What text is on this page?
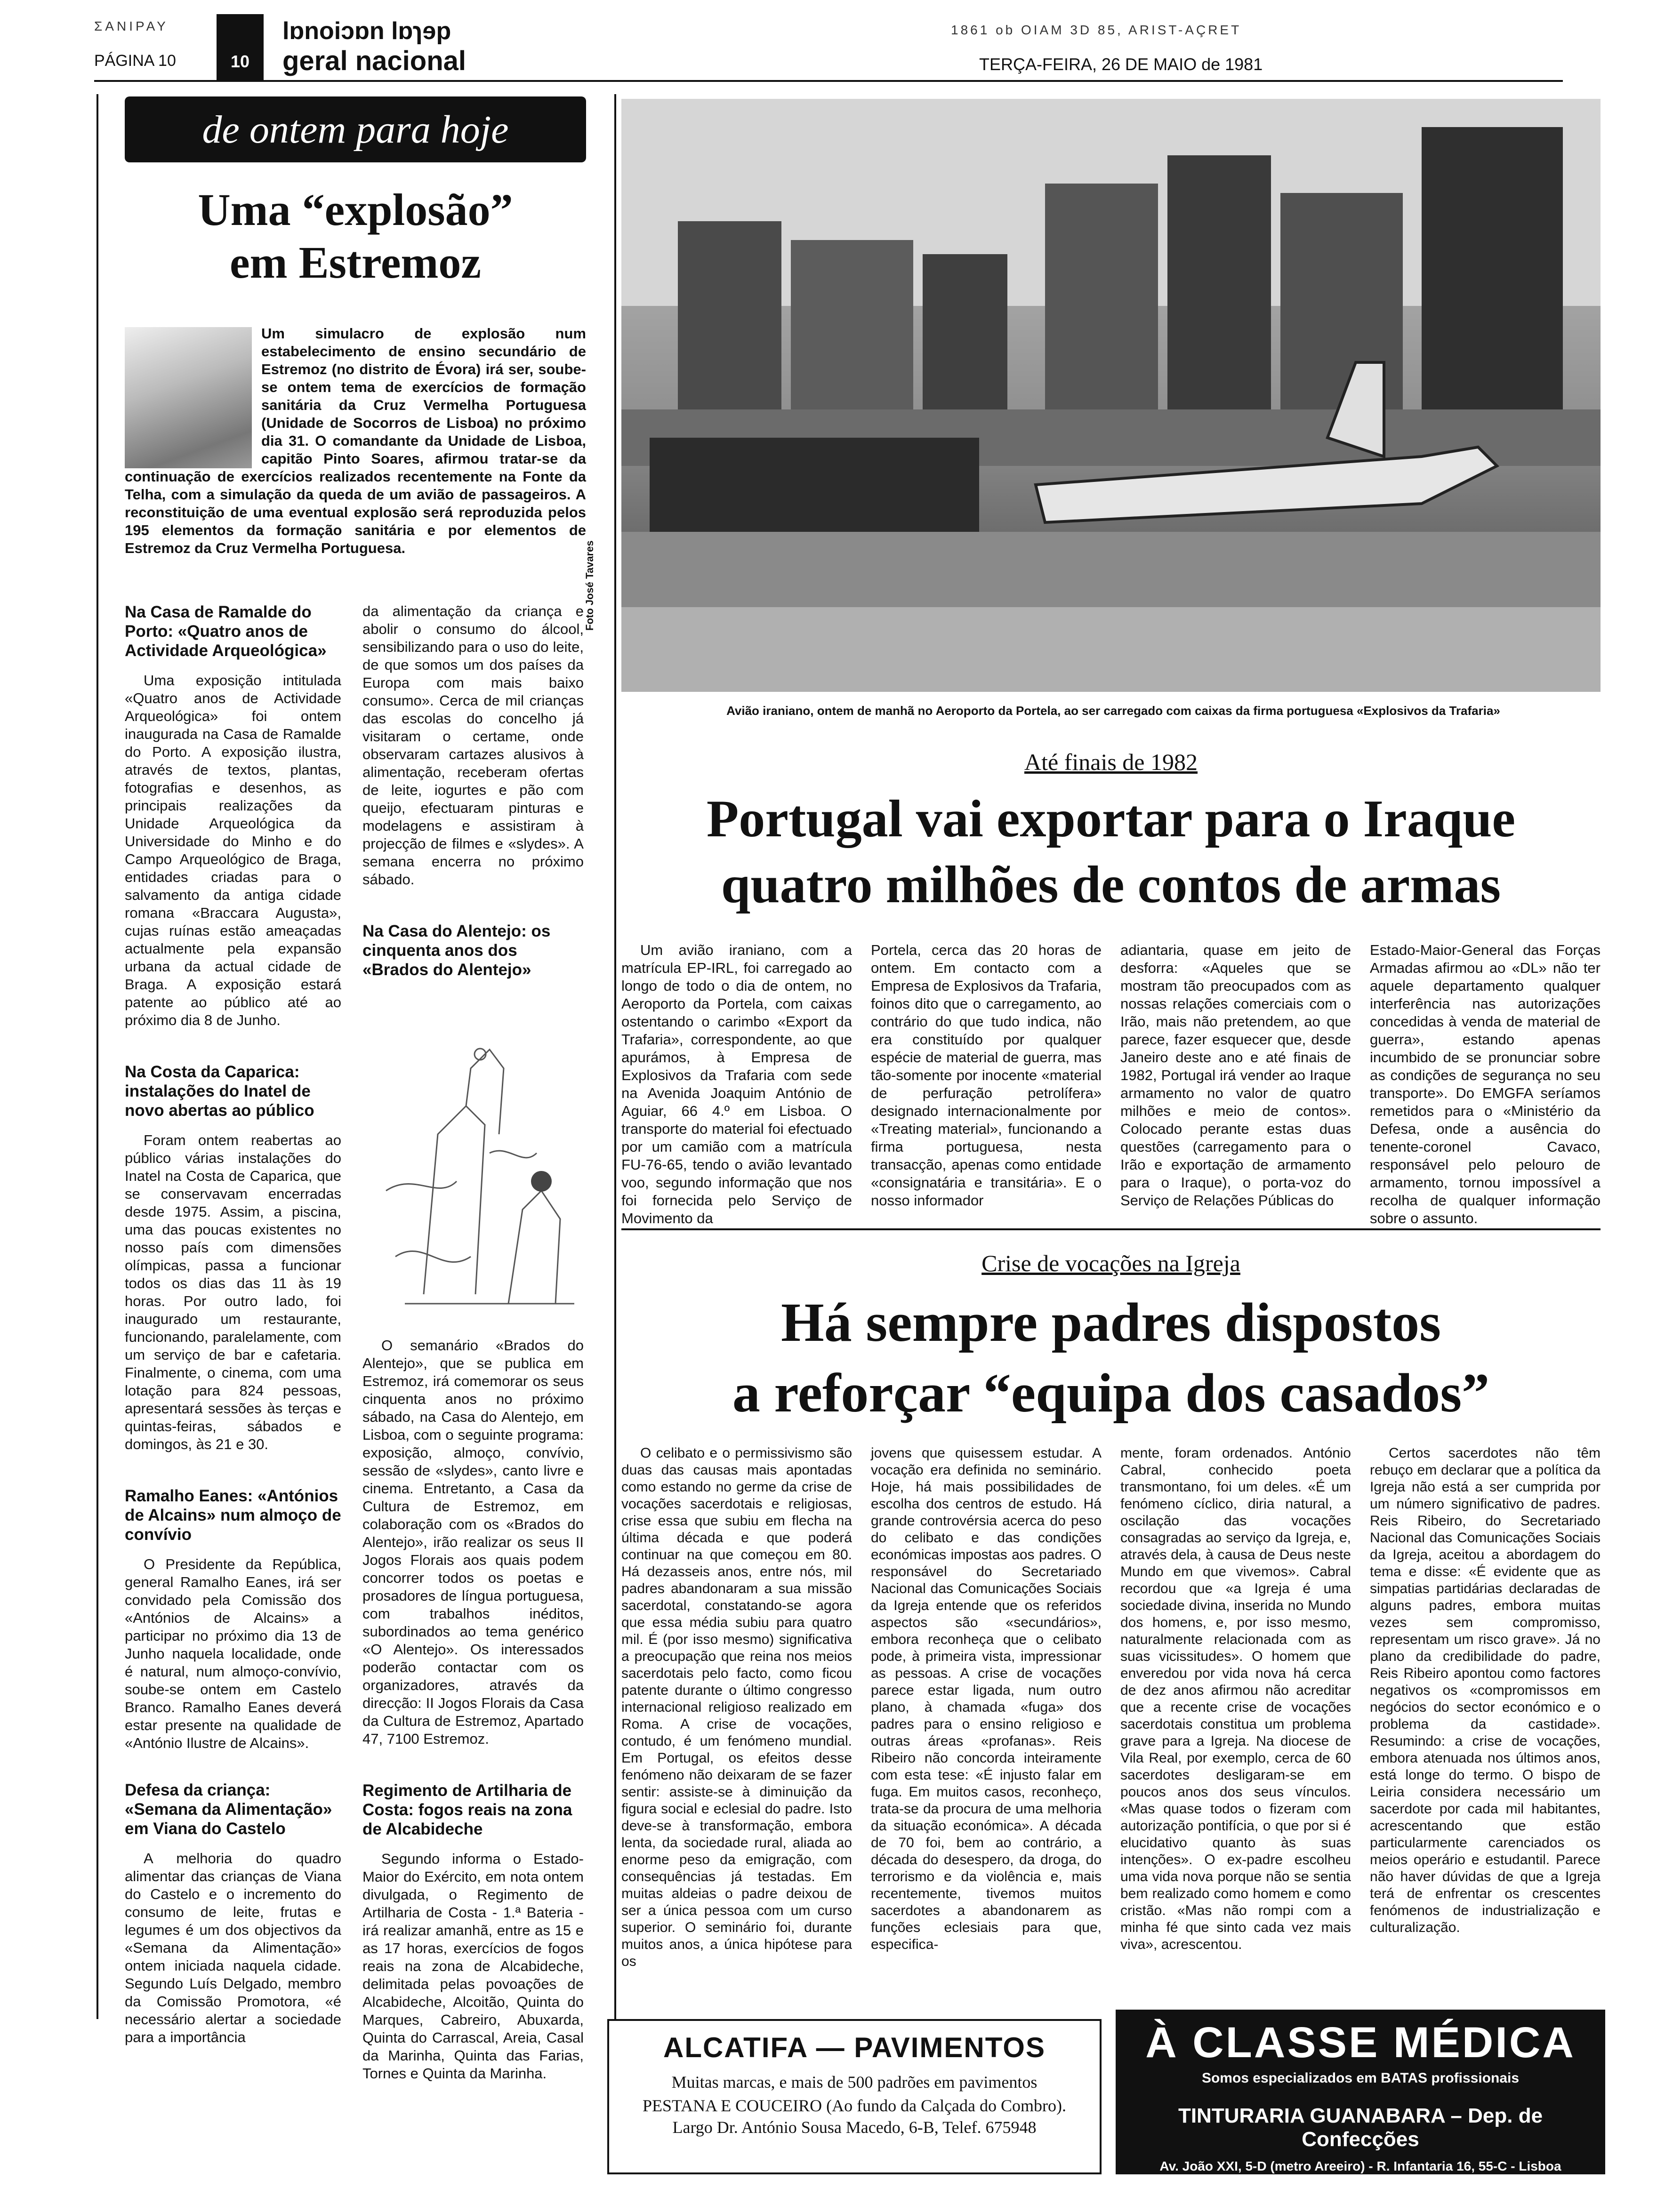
ΣΑΝΙΡΑΥ
PÁGINA 10	10
lɒnoiɔɒn lɒɿɘp
geral nacional
1861 ob OIAM 3D 85, ARIST-AÇRET
TERÇA-FEIRA, 26 DE MAIO de 1981
de ontem para hoje
Uma “explosão”
em Estremoz
Um simulacro de explosão num estabelecimento de ensino secundário de Estremoz (no distrito de Évora) irá ser, soube-se ontem tema de exercícios de formação sanitária da Cruz Vermelha Portuguesa (Unidade de Socorros de Lisboa) no próximo dia 31. O comandante da Unidade de Lisboa, capitão Pinto Soares, afirmou tratar-se da continuação de exercícios realizados recentemente na Fonte da Telha, com a simulação da queda de um avião de passageiros. A reconstituição de uma eventual explosão será reproduzida pelos 195 elementos da formação sanitária e por elementos de Estremoz da Cruz Vermelha Portuguesa.
Na Casa de Ramalde do Porto: «Quatro anos de Actividade Arqueológica»
Uma exposição intitulada «Quatro anos de Actividade Arqueológica» foi ontem inaugurada na Casa de Ramalde do Porto. A exposição ilustra, através de textos, plantas, fotografias e desenhos, as principais realizações da Unidade Arqueológica da Universidade do Minho e do Campo Arqueológico de Braga, entidades criadas para o salvamento da antiga cidade romana «Braccara Augusta», cujas ruínas estão ameaçadas actualmente pela expansão urbana da actual cidade de Braga. A exposição estará patente ao público até ao próximo dia 8 de Junho.
Na Costa da Caparica: instalações do Inatel de novo abertas ao público
Foram ontem reabertas ao público várias instalações do Inatel na Costa de Caparica, que se conservavam encerradas desde 1975. Assim, a piscina, uma das poucas existentes no nosso país com dimensões olímpicas, passa a funcionar todos os dias das 11 às 19 horas. Por outro lado, foi inaugurado um restaurante, funcionando, paralelamente, com um serviço de bar e cafetaria. Finalmente, o cinema, com uma lotação para 824 pessoas, apresentará sessões às terças e quintas-feiras, sábados e domingos, às 21 e 30.
Ramalho Eanes: «Antónios de Alcains» num almoço de convívio
O Presidente da República, general Ramalho Eanes, irá ser convidado pela Comissão dos «Antónios de Alcains» a participar no próximo dia 13 de Junho naquela localidade, onde é natural, num almoço-convívio, soube-se ontem em Castelo Branco. Ramalho Eanes deverá estar presente na qualidade de «António Ilustre de Alcains».
Defesa da criança: «Semana da Alimentação» em Viana do Castelo
A melhoria do quadro alimentar das crianças de Viana do Castelo e o incremento do consumo de leite, frutas e legumes é um dos objectivos da «Semana da Alimentação» ontem iniciada naquela cidade. Segundo Luís Delgado, membro da Comissão Promotora, «é necessário alertar a sociedade para a importância
da alimentação da criança e abolir o consumo do álcool, sensibilizando para o uso do leite, de que somos um dos países da Europa com mais baixo consumo». Cerca de mil crianças das escolas do concelho já visitaram o certame, onde observaram cartazes alusivos à alimentação, receberam ofertas de leite, iogurtes e pão com queijo, efectuaram pinturas e modelagens e assistiram à projecção de filmes e «slydes». A semana encerra no próximo sábado.
Na Casa do Alentejo: os cinquenta anos dos «Brados do Alentejo»
O semanário «Brados do Alentejo», que se publica em Estremoz, irá comemorar os seus cinquenta anos no próximo sábado, na Casa do Alentejo, em Lisboa, com o seguinte programa: exposição, almoço, convívio, sessão de «slydes», canto livre e cinema. Entretanto, a Casa da Cultura de Estremoz, em colaboração com os «Brados do Alentejo», irão realizar os seus II Jogos Florais aos quais podem concorrer todos os poetas e prosadores de língua portuguesa, com trabalhos inéditos, subordinados ao tema genérico «O Alentejo». Os interessados poderão contactar com os organizadores, através da direcção: II Jogos Florais da Casa da Cultura de Estremoz, Apartado 47, 7100 Estremoz.
Regimento de Artilharia de Costa: fogos reais na zona de Alcabideche
Segundo informa o Estado-Maior do Exército, em nota ontem divulgada, o Regimento de Artilharia de Costa - 1.ª Bateria - irá realizar amanhã, entre as 15 e as 17 horas, exercícios de fogos reais na zona de Alcabideche, delimitada pelas povoações de Alcabideche, Alcoitão, Quinta do Marques, Cabreiro, Abuxarda, Quinta do Carrascal, Areia, Casal da Marinha, Quinta das Farias, Tornes e Quinta da Marinha.
Foto José Tavares
Avião iraniano, ontem de manhã no Aeroporto da Portela, ao ser carregado com caixas da firma portuguesa «Explosivos da Trafaria»
Até finais de 1982
Portugal vai exportar para o Iraque
quatro milhões de contos de armas
Um avião iraniano, com a matrícula EP-IRL, foi carregado ao longo de todo o dia de ontem, no Aeroporto da Portela, com caixas ostentando o carimbo «Export da Trafaria», correspondente, ao que apurámos, à Empresa de Explosivos da Trafaria com sede na Avenida Joaquim António de Aguiar, 66 4.º em Lisboa. O transporte do material foi efectuado por um camião com a matrícula FU-76-65, tendo o avião levantado voo, segundo informação que nos foi fornecida pelo Serviço de Movimento da
Portela, cerca das 20 horas de ontem. Em contacto com a Empresa de Explosivos da Trafaria, foinos dito que o carregamento, ao contrário do que tudo indica, não era constituído por qualquer espécie de material de guerra, mas tão-somente por inocente «material de perfuração petrolífera» designado internacionalmente por «Treating material», funcionando a firma portuguesa, nesta transacção, apenas como entidade «consignatária e transitária». E o nosso informador
adiantaria, quase em jeito de desforra: «Aqueles que se mostram tão preocupados com as nossas relações comerciais com o Irão, mais não pretendem, ao que parece, fazer esquecer que, desde Janeiro deste ano e até finais de 1982, Portugal irá vender ao Iraque armamento no valor de quatro milhões e meio de contos». Colocado perante estas duas questões (carregamento para o Irão e exportação de armamento para o Iraque), o porta-voz do Serviço de Relações Públicas do
Estado-Maior-General das Forças Armadas afirmou ao «DL» não ter aquele departamento qualquer interferência nas autorizações concedidas à venda de material de guerra», estando apenas incumbido de se pronunciar sobre as condições de segurança no seu transporte». Do EMGFA seríamos remetidos para o «Ministério da Defesa, onde a ausência do tenente-coronel Cavaco, responsável pelo pelouro de armamento, tornou impossível a recolha de qualquer informação sobre o assunto.
Crise de vocações na Igreja
Há sempre padres dispostos
a reforçar “equipa dos casados”
O celibato e o permissivismo são duas das causas mais apontadas como estando no germe da crise de vocações sacerdotais e religiosas, crise essa que subiu em flecha na última década e que poderá continuar na que começou em 80. Há dezasseis anos, entre nós, mil padres abandonaram a sua missão sacerdotal, constatando-se agora que essa média subiu para quatro mil. É (por isso mesmo) significativa a preocupação que reina nos meios sacerdotais pelo facto, como ficou patente durante o último congresso internacional religioso realizado em Roma. A crise de vocações, contudo, é um fenómeno mundial. Em Portugal, os efeitos desse fenómeno não deixaram de se fazer sentir: assiste-se à diminuição da figura social e eclesial do padre. Isto deve-se à transformação, embora lenta, da sociedade rural, aliada ao enorme peso da emigração, com consequências já testadas. Em muitas aldeias o padre deixou de ser a única pessoa com um curso superior. O seminário foi, durante muitos anos, a única hipótese para os
jovens que quisessem estudar. A vocação era definida no seminário. Hoje, há mais possibilidades de escolha dos centros de estudo. Há grande controvérsia acerca do peso do celibato e das condições económicas impostas aos padres. O responsável do Secretariado Nacional das Comunicações Sociais da Igreja entende que os referidos aspectos são «secundários», embora reconheça que o celibato pode, à primeira vista, impressionar as pessoas. A crise de vocações parece estar ligada, num outro plano, à chamada «fuga» dos padres para o ensino religioso e outras áreas «profanas». Reis Ribeiro não concorda inteiramente com esta tese: «É injusto falar em fuga. Em muitos casos, reconheço, trata-se da procura de uma melhoria da situação económica». A década de 70 foi, bem ao contrário, a década do desespero, da droga, do terrorismo e da violência e, mais recentemente, tivemos muitos sacerdotes a abandonarem as funções eclesiais para que, especifica-
mente, foram ordenados. António Cabral, conhecido poeta transmontano, foi um deles. «É um fenómeno cíclico, diria natural, a oscilação das vocações consagradas ao serviço da Igreja, e, através dela, à causa de Deus neste Mundo em que vivemos». Cabral recordou que «a Igreja é uma sociedade divina, inserida no Mundo dos homens, e, por isso mesmo, naturalmente relacionada com as suas vicissitudes». O homem que enveredou por vida nova há cerca de dez anos afirmou não acreditar que a recente crise de vocações sacerdotais constitua um problema grave para a Igreja. Na diocese de Vila Real, por exemplo, cerca de 60 sacerdotes desligaram-se em poucos anos dos seus vínculos. «Mas quase todos o fizeram com autorização pontifícia, o que por si é elucidativo quanto às suas intenções». O ex-padre escolheu uma vida nova porque não se sentia bem realizado como homem e como cristão. «Mas não rompi com a minha fé que sinto cada vez mais viva», acrescentou.
Certos sacerdotes não têm rebuço em declarar que a política da Igreja não está a ser cumprida por um número significativo de padres. Reis Ribeiro, do Secretariado Nacional das Comunicações Sociais da Igreja, aceitou a abordagem do tema e disse: «É evidente que as simpatias partidárias declaradas de alguns padres, embora muitas vezes sem compromisso, representam um risco grave». Já no plano da credibilidade do padre, Reis Ribeiro apontou como factores negativos os «compromissos em negócios do sector económico e o problema da castidade». Resumindo: a crise de vocações, embora atenuada nos últimos anos, está longe do termo. O bispo de Leiria considera necessário um sacerdote por cada mil habitantes, acrescentando que estão particularmente carenciados os meios operário e estudantil. Parece não haver dúvidas de que a Igreja terá de enfrentar os crescentes fenómenos de industrialização e culturalização.
ALCATIFA — PAVIMENTOS
Muitas marcas, e mais de 500 padrões em pavimentos
PESTANA E COUCEIRO (Ao fundo da Calçada do Combro). Largo Dr. António Sousa Macedo, 6-B, Telef. 675948
À CLASSE MÉDICA
Somos especializados em BATAS profissionais
TINTURARIA GUANABARA – Dep. de Confecções
Av. João XXI, 5-D (metro Areeiro) - R. Infantaria 16, 55-C - Lisboa
